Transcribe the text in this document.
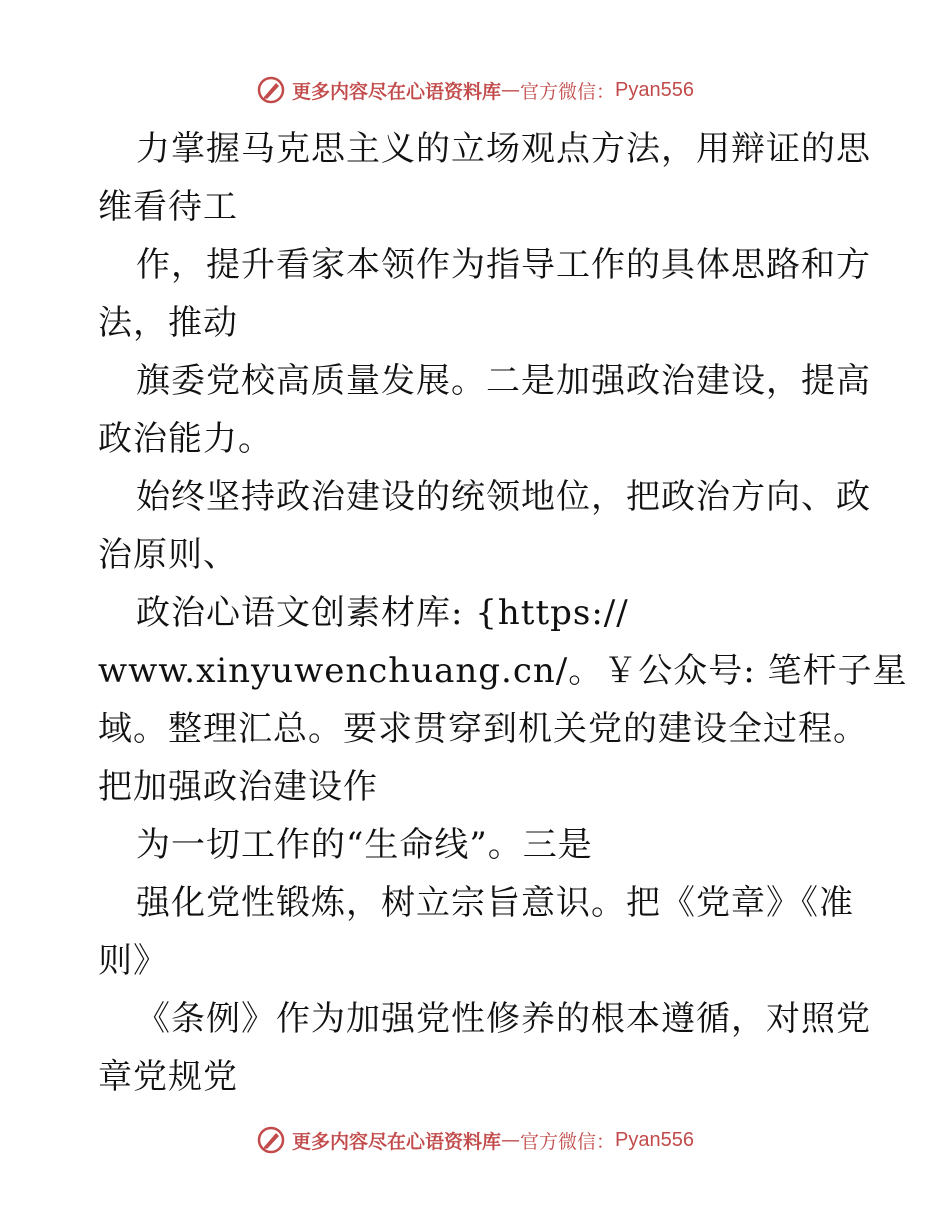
更多内容尽在心语资料库 — 官方微信： Pyan556
力掌握马克思主义的立场观点方法，用辩证的思
维看待工
作，提升看家本领作为指导工作的具体思路和方
法，推动
旗委党校高质量发展。二是加强政治建设，提高
政治能力。
始终坚持政治建设的统领地位，把政治方向、政
治原则、
政治心语文创素材库: {https://
www.xinyuwenchuang.cn/。￥公众号: 笔杆子星
域。整理汇总。要求贯穿到机关党的建设全过程。
把加强政治建设作
为一切工作的“生命线”。三是
强化党性锻炼，树立宗旨意识。把《党章》《准
则》
《条例》作为加强党性修养的根本遵循，对照党
章党规党
更多内容尽在心语资料库 — 官方微信： Pyan556
